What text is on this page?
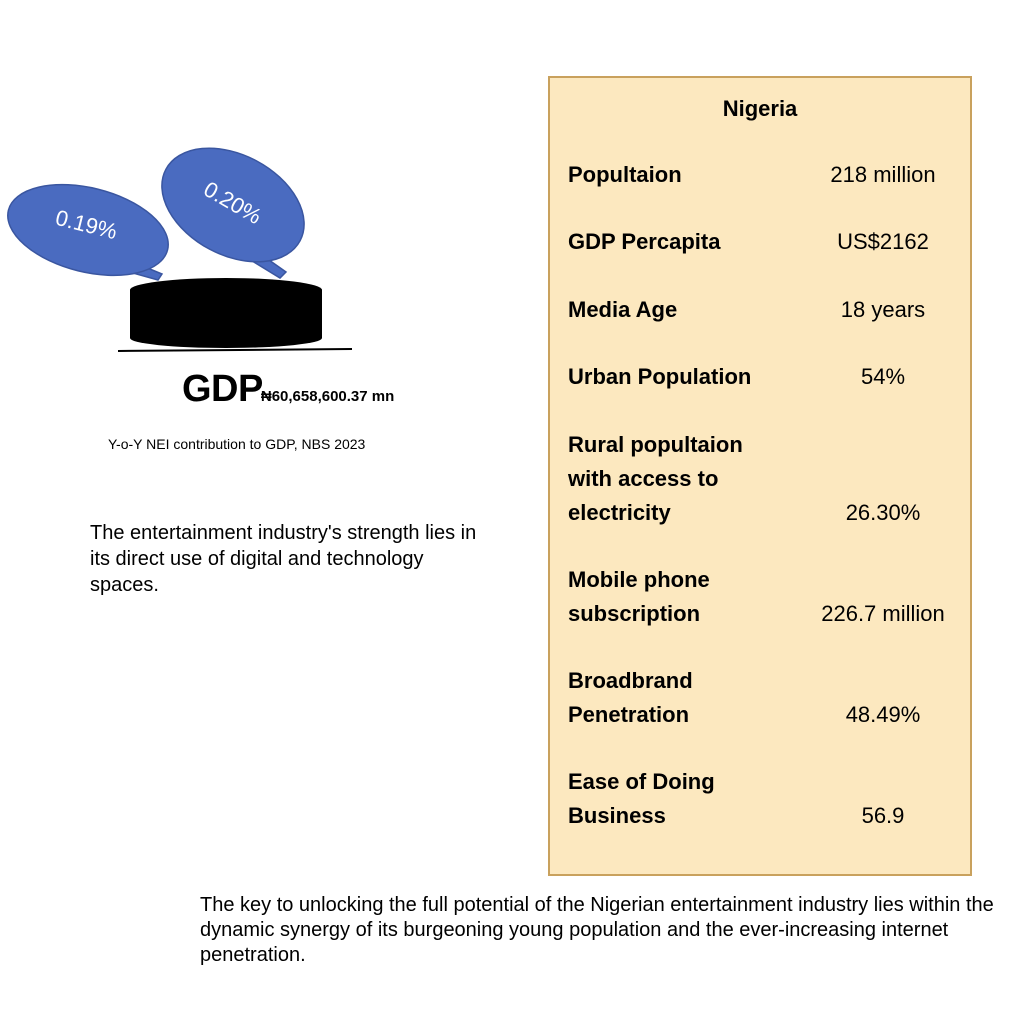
0.19%	0.20%
GDP₦60,658,600.37 mn
Y-o-Y NEI contribution to GDP, NBS 2023
The entertainment industry's strength lies in its direct use of digital and technology spaces.
Nigeria
Popultaion	218 million
GDP Percapita	US$2162
Media Age	18 years
Urban Population	54%
Rural popultaion with access to electricity	26.30%
Mobile phone subscription	226.7 million
Broadbrand Penetration	48.49%
Ease of Doing Business	56.9
The key to unlocking the full potential of the Nigerian entertainment industry lies within the dynamic synergy of its burgeoning young population and the ever-increasing internet penetration.
